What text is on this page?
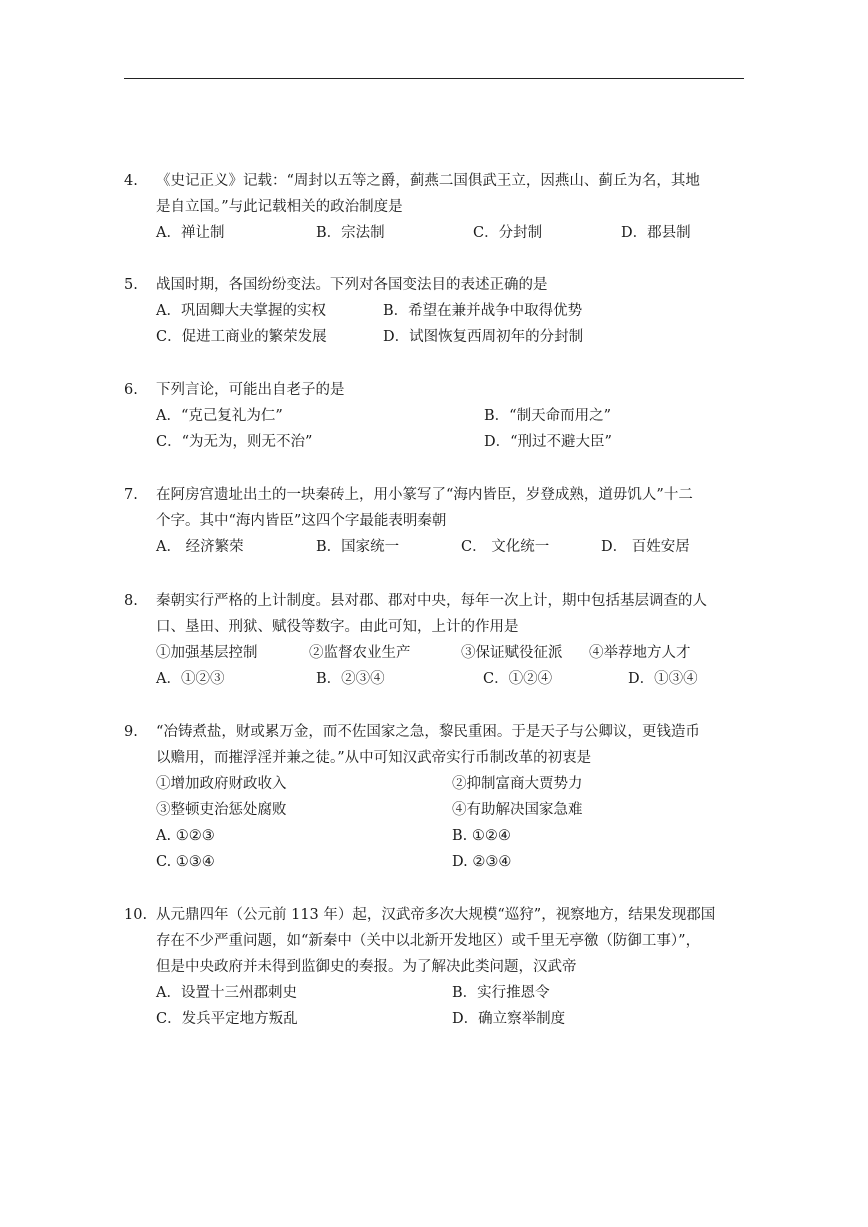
4.	《史记正义》记载：“周封以五等之爵，蓟燕二国俱武王立，因燕山、蓟丘为名，其地
是自立国。”与此记载相关的政治制度是
A．禅让制	B．宗法制	C．分封制	D．郡县制
5.	战国时期，各国纷纷变法。下列对各国变法目的表述正确的是
A．巩固卿大夫掌握的实权	B．希望在兼并战争中取得优势
C．促进工商业的繁荣发展	D．试图恢复西周初年的分封制
6.	下列言论，可能出自老子的是
A．“克己复礼为仁”	B．“制天命而用之”
C．“为无为，则无不治”	D．“刑过不避大臣”
7.	在阿房宫遗址出土的一块秦砖上，用小篆写了“海内皆臣，岁登成熟，道毋饥人”十二
个字。其中“海内皆臣”这四个字最能表明秦朝
A． 经济繁荣	B．国家统一	C． 文化统一	D． 百姓安居
8.	秦朝实行严格的上计制度。县对郡、郡对中央，每年一次上计，期中包括基层调查的人
口、垦田、刑狱、赋役等数字。由此可知，上计的作用是
①加强基层控制	②监督农业生产	③保证赋役征派 ④举荐地方人才
A．①②③	B．②③④	C．①②④	D．①③④
9.	“冶铸煮盐，财或累万金，而不佐国家之急，黎民重困。于是天子与公卿议，更钱造币
以赡用，而摧浮淫并兼之徒。”从中可知汉武帝实行币制改革的初衷是
①增加政府财政收入	②抑制富商大贾势力
③整顿吏治惩处腐败	④有助解决国家急难
A. ①②③	B. ①②④
C. ①③④	D. ②③④
10. 从元鼎四年（公元前 113 年）起，汉武帝多次大规模“巡狩”，视察地方，结果发现郡国
存在不少严重问题，如“新秦中（关中以北新开发地区）或千里无亭徼（防御工事）”，
但是中央政府并未得到监御史的奏报。为了解决此类问题，汉武帝
A．设置十三州郡刺史	B．实行推恩令
C．发兵平定地方叛乱	D．确立察举制度
